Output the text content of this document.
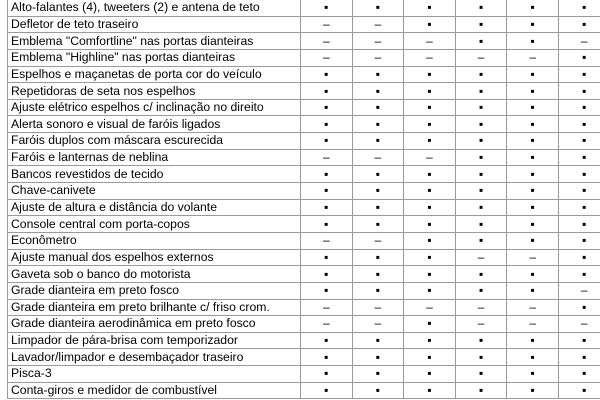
Alto-falantes (4), tweeters (2) e antena de teto	▪	▪	▪	▪	▪	▪
Defletor de teto traseiro	–	–	▪	▪	▪	▪
Emblema "Comfortline" nas portas dianteiras	–	–	–	▪	▪	–
Emblema "Highline" nas portas dianteiras	–	–	–	–	–	▪
Espelhos e maçanetas de porta cor do veículo	▪	▪	▪	▪	▪	▪
Repetidoras de seta nos espelhos	▪	▪	▪	▪	▪	▪
Ajuste elétrico espelhos c/ inclinação no direito	▪	▪	▪	▪	▪	▪
Alerta sonoro e visual de faróis ligados	▪	▪	▪	▪	▪	▪
Faróis duplos com máscara escurecida	▪	▪	▪	▪	▪	▪
Faróis e lanternas de neblina	–	–	–	▪	▪	▪
Bancos revestidos de tecido	▪	▪	▪	▪	▪	▪
Chave-canivete	▪	▪	▪	▪	▪	▪
Ajuste de altura e distância do volante	▪	▪	▪	▪	▪	▪
Console central com porta-copos	▪	▪	▪	▪	▪	▪
Econômetro	–	–	▪	▪	▪	▪
Ajuste manual dos espelhos externos	▪	▪	▪	–	–	▪
Gaveta sob o banco do motorista	▪	▪	▪	▪	▪	▪
Grade dianteira em preto fosco	▪	▪	▪	▪	▪	–
Grade dianteira em preto brilhante c/ friso crom.	–	–	–	–	–	▪
Grade dianteira aerodinâmica em preto fosco	–	–	▪	–	–	–
Limpador de pára-brisa com temporizador	▪	▪	▪	▪	▪	▪
Lavador/limpador e desembaçador traseiro	▪	▪	▪	▪	▪	▪
Pisca-3	▪	▪	▪	▪	▪	▪
Conta-giros e medidor de combustível	▪	▪	▪	▪	▪	▪
